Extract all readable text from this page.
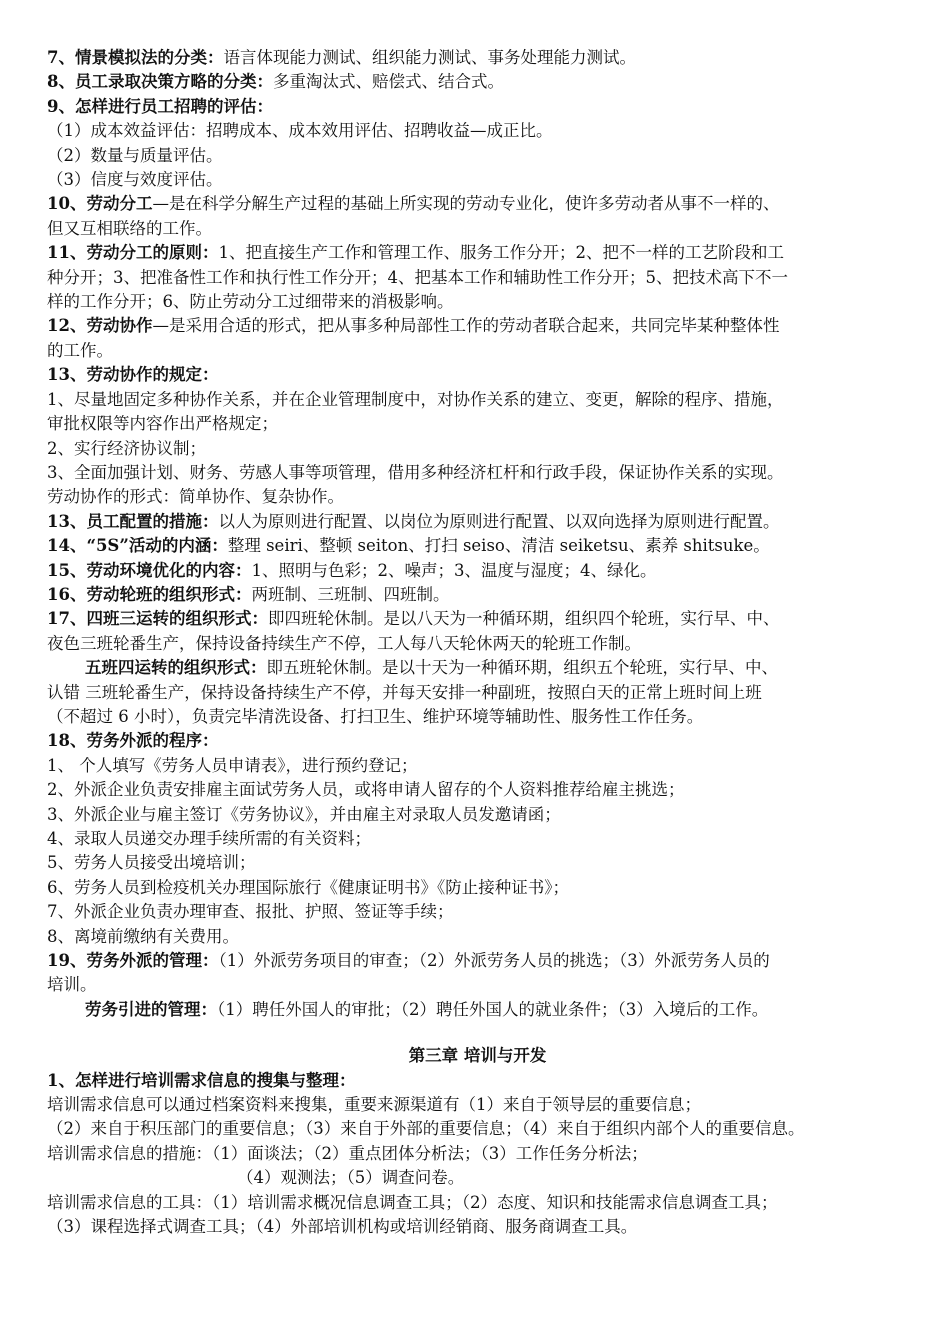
7、情景模拟法的分类：语言体现能力测试、组织能力测试、事务处理能力测试。
8、员工录取决策方略的分类：多重淘汰式、赔偿式、结合式。
9、怎样进行员工招聘的评估：
（1）成本效益评估：招聘成本、成本效用评估、招聘收益—成正比。
（2）数量与质量评估。
（3）信度与效度评估。
10、劳动分工—是在科学分解生产过程的基础上所实现的劳动专业化，使许多劳动者从事不一样的、
但又互相联络的工作。
11、劳动分工的原则：1、把直接生产工作和管理工作、服务工作分开；2、把不一样的工艺阶段和工
种分开；3、把准备性工作和执行性工作分开；4、把基本工作和辅助性工作分开；5、把技术高下不一
样的工作分开；6、防止劳动分工过细带来的消极影响。
12、劳动协作—是采用合适的形式，把从事多种局部性工作的劳动者联合起来，共同完毕某种整体性
的工作。
13、劳动协作的规定：
1、尽量地固定多种协作关系，并在企业管理制度中，对协作关系的建立、变更，解除的程序、措施，
审批权限等内容作出严格规定；
2、实行经济协议制；
3、全面加强计划、财务、劳感人事等项管理，借用多种经济杠杆和行政手段，保证协作关系的实现。
劳动协作的形式：简单协作、复杂协作。
13、员工配置的措施：以人为原则进行配置、以岗位为原则进行配置、以双向选择为原则进行配置。
14、“5S”活动的内涵：整理 seiri、整顿 seiton、打扫 seiso、清洁 seiketsu、素养 shitsuke。
15、劳动环境优化的内容：1、照明与色彩；2、噪声；3、温度与湿度；4、绿化。
16、劳动轮班的组织形式：两班制、三班制、四班制。
17、四班三运转的组织形式：即四班轮休制。是以八天为一种循环期，组织四个轮班，实行早、中、
夜色三班轮番生产，保持设备持续生产不停，工人每八天轮休两天的轮班工作制。
五班四运转的组织形式：即五班轮休制。是以十天为一种循环期，组织五个轮班，实行早、中、
认错 三班轮番生产，保持设备持续生产不停，并每天安排一种副班，按照白天的正常上班时间上班
（不超过 6 小时），负责完毕清洗设备、打扫卫生、维护环境等辅助性、服务性工作任务。
18、劳务外派的程序：
1、 个人填写《劳务人员申请表》，进行预约登记；
2、外派企业负责安排雇主面试劳务人员，或将申请人留存的个人资料推荐给雇主挑选；
3、外派企业与雇主签订《劳务协议》，并由雇主对录取人员发邀请函；
4、录取人员递交办理手续所需的有关资料；
5、劳务人员接受出境培训；
6、劳务人员到检疫机关办理国际旅行《健康证明书》《防止接种证书》；
7、外派企业负责办理审查、报批、护照、签证等手续；
8、离境前缴纳有关费用。
19、劳务外派的管理：（1）外派劳务项目的审查；（2）外派劳务人员的挑选；（3）外派劳务人员的
培训。
劳务引进的管理：（1）聘任外国人的审批；（2）聘任外国人的就业条件；（3）入境后的工作。
第三章 培训与开发
1、怎样进行培训需求信息的搜集与整理：
培训需求信息可以通过档案资料来搜集，重要来源渠道有（1）来自于领导层的重要信息；
（2）来自于积压部门的重要信息；（3）来自于外部的重要信息；（4）来自于组织内部个人的重要信息。
培训需求信息的措施：（1）面谈法；（2）重点团体分析法；（3）工作任务分析法；
（4）观测法；（5）调查问卷。
培训需求信息的工具：（1）培训需求概况信息调查工具；（2）态度、知识和技能需求信息调查工具；
（3）课程选择式调查工具；（4）外部培训机构或培训经销商、服务商调查工具。
